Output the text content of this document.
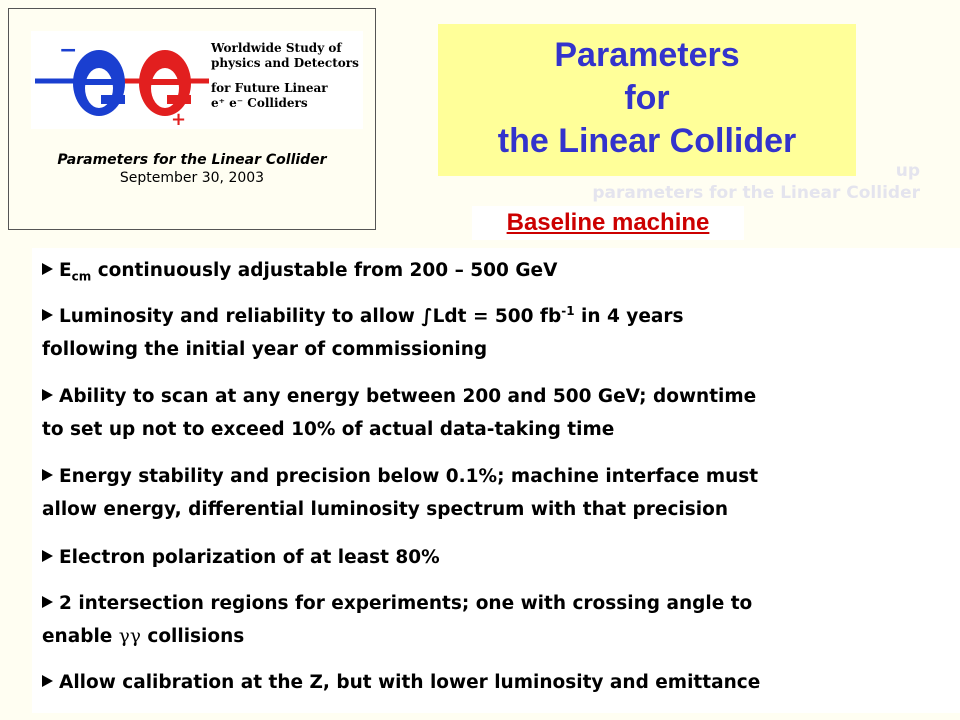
−
+
Worldwide Study of
physics and Detectors
for Future Linear
e⁺ e⁻ Colliders
Parameters for the Linear Collider
September 30, 2003	up
parameters for the Linear Collider
Parameters
for
the Linear Collider
Baseline machine
$E_{cm}$ continuously adjustable from 200 – 500 GeV
Luminosity and reliability to allow ∫Ldt = 500 $fb^{-1}$ in 4 years
following the initial year of commissioning
Ability to scan at any energy between 200 and 500 GeV; downtime
to set up not to exceed 10% of actual data-taking time
Energy stability and precision below 0.1%; machine interface must
allow energy, differential luminosity spectrum with that precision
Electron polarization of at least 80%
2 intersection regions for experiments; one with crossing angle to
enable γγ collisions
Allow calibration at the Z, but with lower luminosity and emittance
